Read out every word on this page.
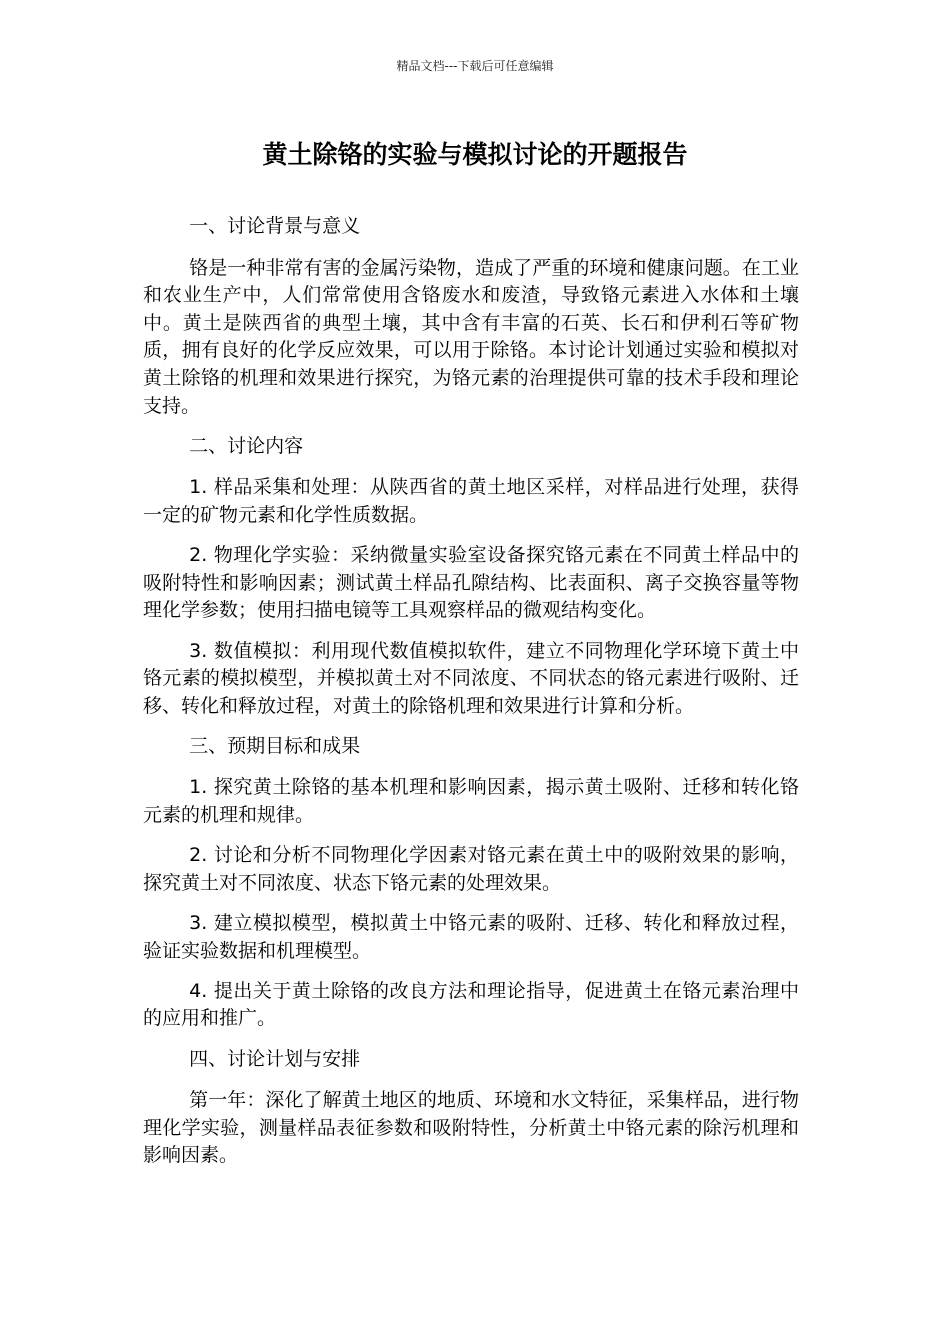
精品文档---下载后可任意编辑
黄土除铬的实验与模拟讨论的开题报告

一、讨论背景与意义

铬是一种非常有害的金属污染物，造成了严重的环境和健康问题。在工业和农业生产中，人们常常使用含铬废水和废渣，导致铬元素进入水体和土壤中。黄土是陕西省的典型土壤，其中含有丰富的石英、长石和伊利石等矿物质，拥有良好的化学反应效果，可以用于除铬。本讨论计划通过实验和模拟对黄土除铬的机理和效果进行探究，为铬元素的治理提供可靠的技术手段和理论支持。

二、讨论内容

1. 样品采集和处理：从陕西省的黄土地区采样，对样品进行处理，获得一定的矿物元素和化学性质数据。

2. 物理化学实验：采纳微量实验室设备探究铬元素在不同黄土样品中的吸附特性和影响因素；测试黄土样品孔隙结构、比表面积、离子交换容量等物理化学参数；使用扫描电镜等工具观察样品的微观结构变化。

3. 数值模拟：利用现代数值模拟软件，建立不同物理化学环境下黄土中铬元素的模拟模型，并模拟黄土对不同浓度、不同状态的铬元素进行吸附、迁移、转化和释放过程，对黄土的除铬机理和效果进行计算和分析。

三、预期目标和成果

1. 探究黄土除铬的基本机理和影响因素，揭示黄土吸附、迁移和转化铬元素的机理和规律。

2. 讨论和分析不同物理化学因素对铬元素在黄土中的吸附效果的影响，探究黄土对不同浓度、状态下铬元素的处理效果。

3. 建立模拟模型，模拟黄土中铬元素的吸附、迁移、转化和释放过程，验证实验数据和机理模型。

4. 提出关于黄土除铬的改良方法和理论指导，促进黄土在铬元素治理中的应用和推广。

四、讨论计划与安排

第一年：深化了解黄土地区的地质、环境和水文特征，采集样品，进行物理化学实验，测量样品表征参数和吸附特性，分析黄土中铬元素的除污机理和影响因素。
